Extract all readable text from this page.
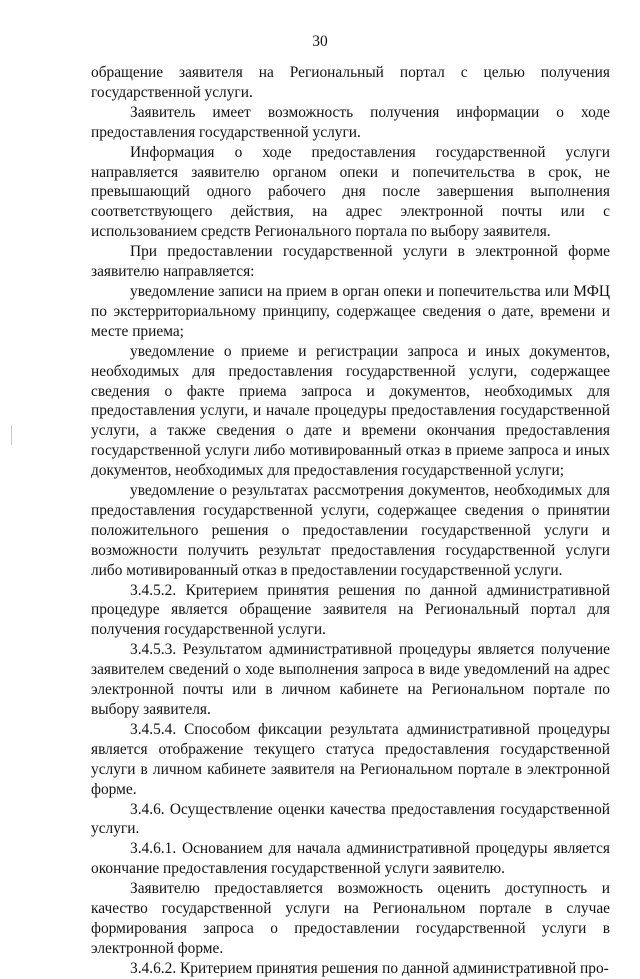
30

обращение заявителя на Региональный портал с целью получения государственной услуги.

Заявитель имеет возможность получения информации о ходе предоставления государственной услуги.

Информация о ходе предоставления государственной услуги направляется заявителю органом опеки и попечительства в срок, не превышающий одного рабочего дня после завершения выполнения соответствующего действия, на адрес электронной почты или с использованием средств Регионального портала по выбору заявителя.

При предоставлении государственной услуги в электронной форме заявителю направляется:

уведомление записи на прием в орган опеки и попечительства или МФЦ по экстерриториальному принципу, содержащее сведения о дате, времени и месте приема;

уведомление о приеме и регистрации запроса и иных документов, необходимых для предоставления государственной услуги, содержащее сведения о факте приема запроса и документов, необходимых для предоставления услуги, и начале процедуры предоставления государственной услуги, а также сведения о дате и времени окончания предоставления государственной услуги либо мотивированный отказ в приеме запроса и иных документов, необходимых для предоставления государственной услуги;

уведомление о результатах рассмотрения документов, необходимых для предоставления государственной услуги, содержащее сведения о принятии положительного решения о предоставлении государственной услуги и возможности получить результат предоставления государственной услуги либо мотивированный отказ в предоставлении государственной услуги.

3.4.5.2. Критерием принятия решения по данной административной процедуре является обращение заявителя на Региональный портал для получения государственной услуги.

3.4.5.3. Результатом административной процедуры является получение заявителем сведений о ходе выполнения запроса в виде уведомлений на адрес электронной почты или в личном кабинете на Региональном портале по выбору заявителя.

3.4.5.4. Способом фиксации результата административной процедуры является отображение текущего статуса предоставления государственной услуги в личном кабинете заявителя на Региональном портале в электронной форме.

3.4.6. Осуществление оценки качества предоставления государственной услуги.

3.4.6.1. Основанием для начала административной процедуры является окончание предоставления государственной услуги заявителю.

Заявителю предоставляется возможность оценить доступность и качество государственной услуги на Региональном портале в случае формирования запроса о предоставлении государственной услуги в электронной форме.

3.4.6.2. Критерием принятия решения по данной административной про-
